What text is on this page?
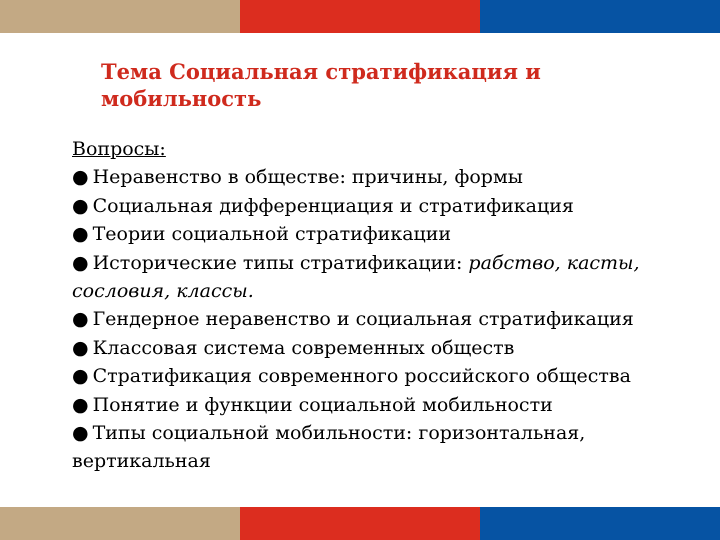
Тема Социальная стратификация и мобильность
Вопросы:
● Неравенство в обществе: причины, формы
● Социальная дифференциация и стратификация
● Теории социальной стратификации
● Исторические типы стратификации: рабство, касты, сословия, классы.
● Гендерное неравенство и социальная стратификация
● Классовая система современных обществ
● Стратификация современного российского общества
● Понятие и функции социальной мобильности
● Типы социальной мобильности: горизонтальная, вертикальная
